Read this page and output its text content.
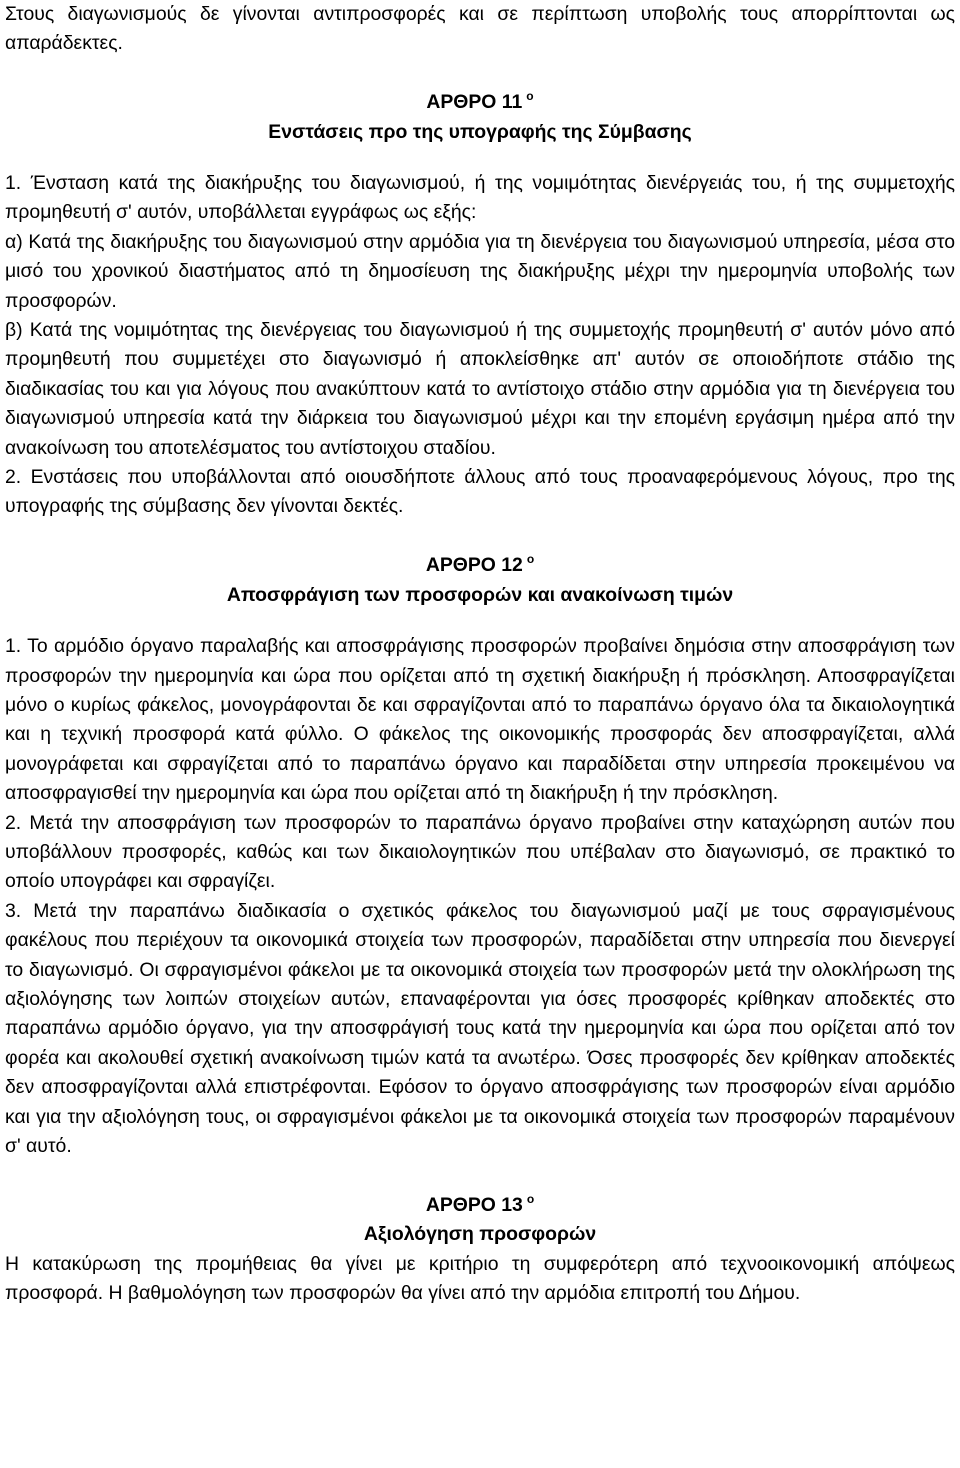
Στους διαγωνισμούς δε γίνονται αντιπροσφορές και σε περίπτωση υποβολής τους απορρίπτονται ως απαράδεκτες.

ΑΡΘΡΟ 11 $^o$

Ενστάσεις προ της υπογραφής της Σύμβασης

1. Ένσταση κατά της διακήρυξης του διαγωνισμού, ή της νομιμότητας διενέργειάς του, ή της συμμετοχής προμηθευτή σ' αυτόν, υποβάλλεται εγγράφως ως εξής:

α) Κατά της διακήρυξης του διαγωνισμού στην αρμόδια για τη διενέργεια του διαγωνισμού υπηρεσία, μέσα στο μισό του χρονικού διαστήματος από τη δημοσίευση της διακήρυξης μέχρι την ημερομηνία υποβολής των προσφορών.

β) Κατά της νομιμότητας της διενέργειας του διαγωνισμού ή της συμμετοχής προμηθευτή σ' αυτόν μόνο από προμηθευτή που συμμετέχει στο διαγωνισμό ή αποκλείσθηκε απ' αυτόν σε οποιοδήποτε στάδιο της διαδικασίας του και για λόγους που ανακύπτουν κατά το αντίστοιχο στάδιο στην αρμόδια για τη διενέργεια του διαγωνισμού υπηρεσία κατά την διάρκεια του διαγωνισμού μέχρι και την επομένη εργάσιμη ημέρα από την ανακοίνωση του αποτελέσματος του αντίστοιχου σταδίου.

2. Ενστάσεις που υποβάλλονται από οιουσδήποτε άλλους από τους προαναφερόμενους λόγους, προ της υπογραφής της σύμβασης δεν γίνονται δεκτές.

ΑΡΘΡΟ 12 $^o$

Αποσφράγιση των προσφορών και ανακοίνωση τιμών

1. Το αρμόδιο όργανο παραλαβής και αποσφράγισης προσφορών προβαίνει δημόσια στην αποσφράγιση των προσφορών την ημερομηνία και ώρα που ορίζεται από τη σχετική διακήρυξη ή πρόσκληση. Αποσφραγίζεται μόνο ο κυρίως φάκελος, μονογράφονται δε και σφραγίζονται από το παραπάνω όργανο όλα τα δικαιολογητικά και η τεχνική προσφορά κατά φύλλο. Ο φάκελος της οικονομικής προσφοράς δεν αποσφραγίζεται, αλλά μονογράφεται και σφραγίζεται από το παραπάνω όργανο και παραδίδεται στην υπηρεσία προκειμένου να αποσφραγισθεί την ημερομηνία και ώρα που ορίζεται από τη διακήρυξη ή την πρόσκληση.

2. Μετά την αποσφράγιση των προσφορών το παραπάνω όργανο προβαίνει στην καταχώρηση αυτών που υποβάλλουν προσφορές, καθώς και των δικαιολογητικών που υπέβαλαν στο διαγωνισμό, σε πρακτικό το οποίο υπογράφει και σφραγίζει.

3. Μετά την παραπάνω διαδικασία ο σχετικός φάκελος του διαγωνισμού μαζί με τους σφραγισμένους φακέλους που περιέχουν τα οικονομικά στοιχεία των προσφορών, παραδίδεται στην υπηρεσία που διενεργεί το διαγωνισμό. Οι σφραγισμένοι φάκελοι με τα οικονομικά στοιχεία των προσφορών μετά την ολοκλήρωση της αξιολόγησης των λοιπών στοιχείων αυτών, επαναφέρονται για όσες προσφορές κρίθηκαν αποδεκτές στο παραπάνω αρμόδιο όργανο, για την αποσφράγισή τους κατά την ημερομηνία και ώρα που ορίζεται από τον φορέα και ακολουθεί σχετική ανακοίνωση τιμών κατά τα ανωτέρω. Όσες προσφορές δεν κρίθηκαν αποδεκτές δεν αποσφραγίζονται αλλά επιστρέφονται. Εφόσον το όργανο αποσφράγισης των προσφορών είναι αρμόδιο και για την αξιολόγηση τους, οι σφραγισμένοι φάκελοι με τα οικονομικά στοιχεία των προσφορών παραμένουν σ' αυτό.

ΑΡΘΡΟ 13 $^o$

Αξιολόγηση προσφορών

Η κατακύρωση της προμήθειας θα γίνει με κριτήριο τη συμφερότερη από τεχνοοικονομική απόψεως προσφορά. Η βαθμολόγηση των προσφορών θα γίνει από την αρμόδια επιτροπή του Δήμου.
